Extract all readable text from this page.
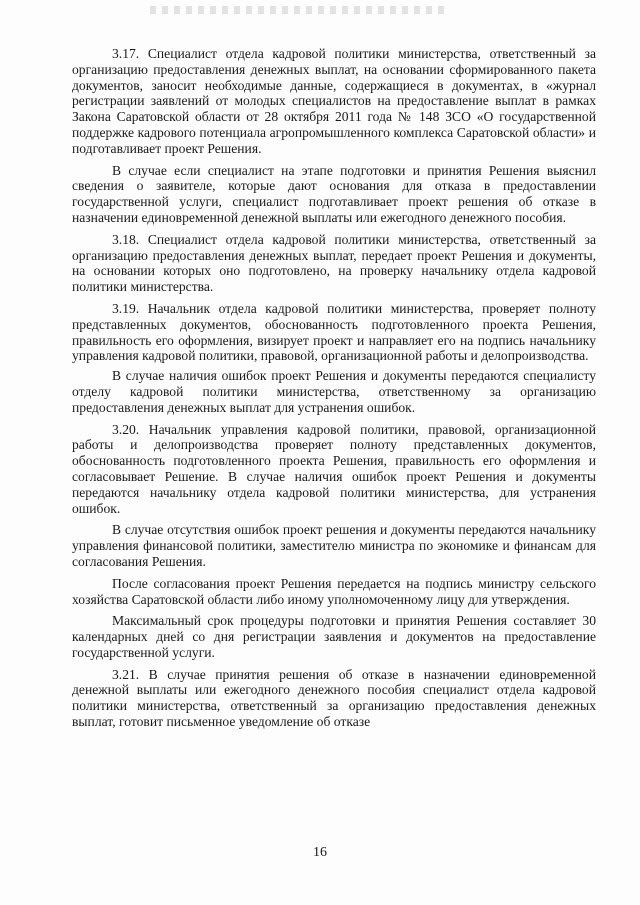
3.17. Специалист отдела кадровой политики министерства, ответственный за организацию предоставления денежных выплат, на основании сформированного пакета документов, заносит необходимые данные, содержащиеся в документах, в «журнал регистрации заявлений от молодых специалистов на предоставление выплат в рамках Закона Саратовской области от 28 октября 2011 года № 148 ЗСО «О государственной поддержке кадрового потенциала агропромышленного комплекса Саратовской области» и подготавливает проект Решения.

В случае если специалист на этапе подготовки и принятия Решения выяснил сведения о заявителе, которые дают основания для отказа в предоставлении государственной услуги, специалист подготавливает проект решения об отказе в назначении единовременной денежной выплаты или ежегодного денежного пособия.

3.18. Специалист отдела кадровой политики министерства, ответственный за организацию предоставления денежных выплат, передает проект Решения и документы, на основании которых оно подготовлено, на проверку начальнику отдела кадровой политики министерства.

3.19. Начальник отдела кадровой политики министерства, проверяет полноту представленных документов, обоснованность подготовленного проекта Решения, правильность его оформления, визирует проект и направляет его на подпись начальнику управления кадровой политики, правовой, организационной работы и делопроизводства.

В случае наличия ошибок проект Решения и документы передаются специалисту отделу кадровой политики министерства, ответственному за организацию предоставления денежных выплат для устранения ошибок.

3.20. Начальник управления кадровой политики, правовой, организационной работы и делопроизводства проверяет полноту представленных документов, обоснованность подготовленного проекта Решения, правильность его оформления и согласовывает Решение. В случае наличия ошибок проект Решения и документы передаются начальнику отдела кадровой политики министерства, для устранения ошибок.

В случае отсутствия ошибок проект решения и документы передаются начальнику управления финансовой политики, заместителю министра по экономике и финансам для согласования Решения.

После согласования проект Решения передается на подпись министру сельского хозяйства Саратовской области либо иному уполномоченному лицу для утверждения.

Максимальный срок процедуры подготовки и принятия Решения составляет 30 календарных дней со дня регистрации заявления и документов на предоставление государственной услуги.

3.21. В случае принятия решения об отказе в назначении единовременной денежной выплаты или ежегодного денежного пособия специалист отдела кадровой политики министерства, ответственный за организацию предоставления денежных выплат, готовит письменное уведомление об отказе

16
